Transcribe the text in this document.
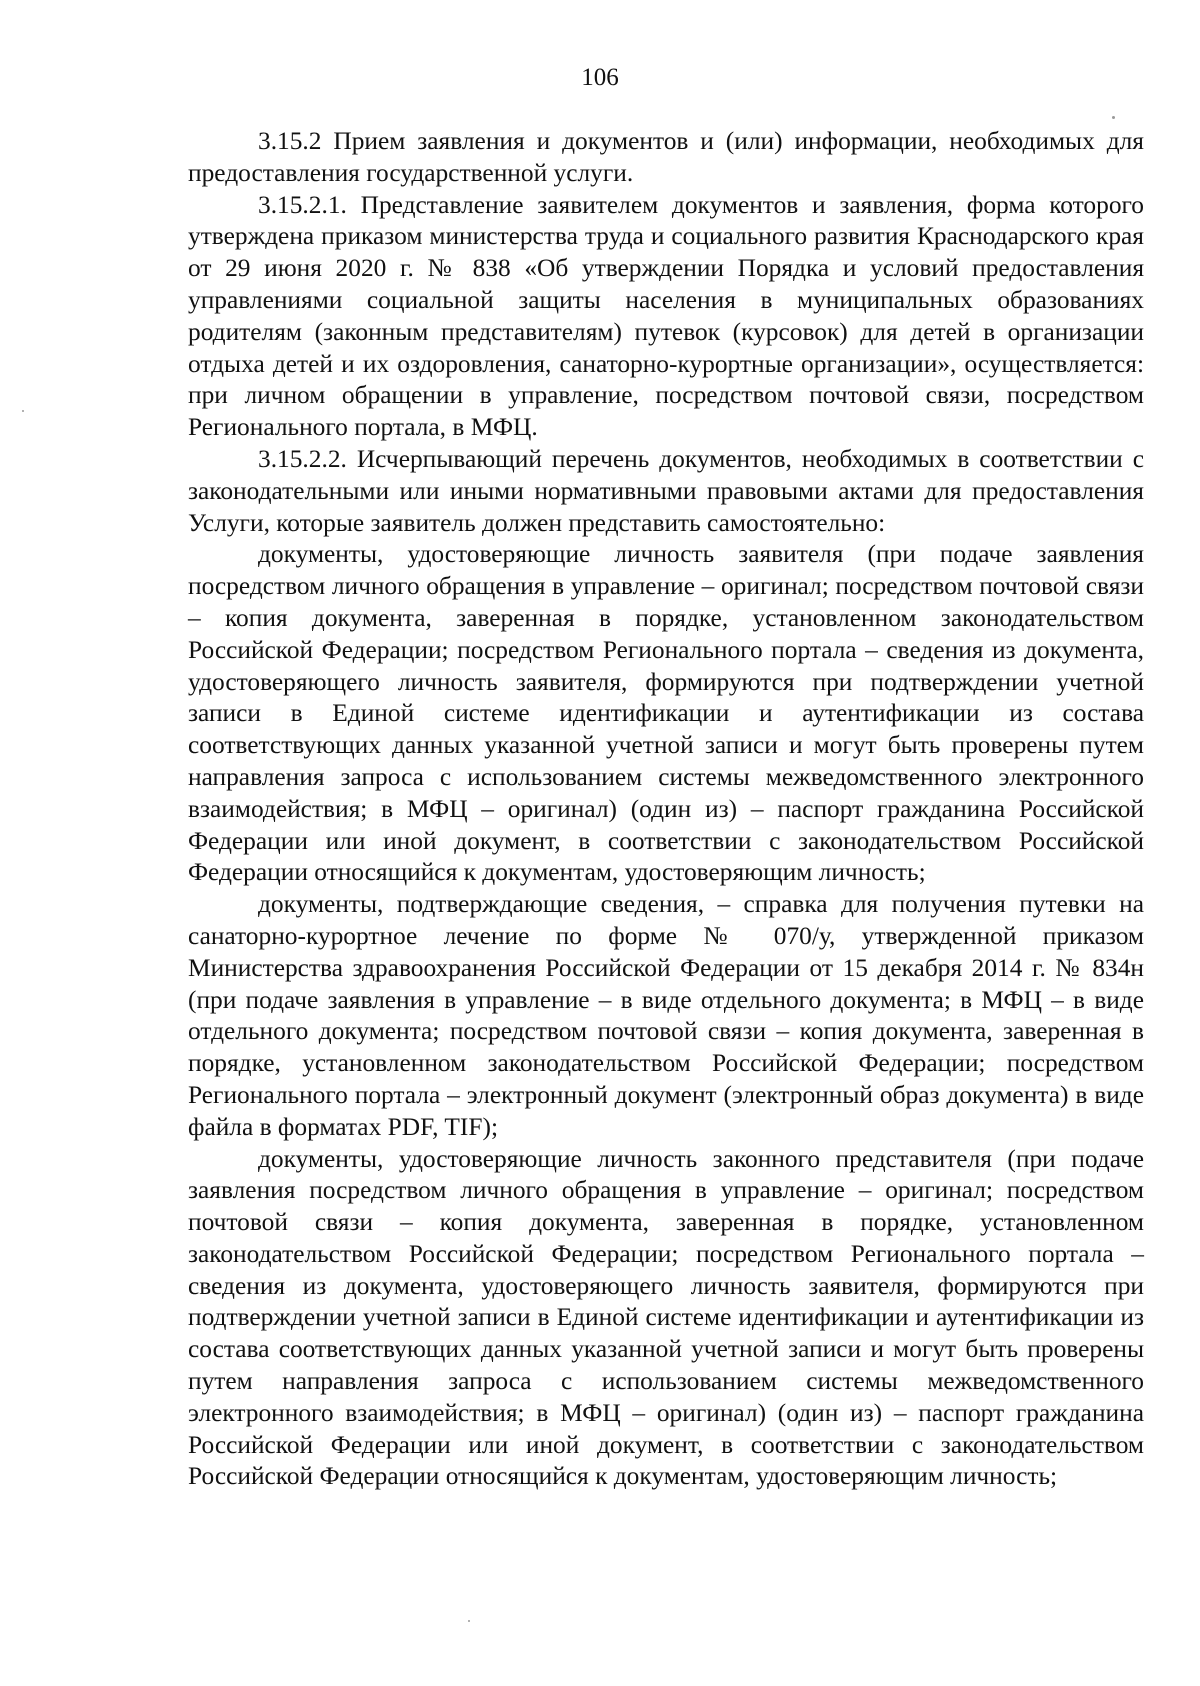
106

3.15.2 Прием заявления и документов и (или) информации, необходимых для предоставления государственной услуги.

3.15.2.1. Представление заявителем документов и заявления, форма которого утверждена приказом министерства труда и социального развития Краснодарского края от 29 июня 2020 г. № 838 «Об утверждении Порядка и условий предоставления управлениями социальной защиты населения в муниципальных образованиях родителям (законным представителям) путевок (курсовок) для детей в организации отдыха детей и их оздоровления, санаторно-курортные организации», осуществляется: при личном обращении в управление, посредством почтовой связи, посредством Регионального портала, в МФЦ.

3.15.2.2. Исчерпывающий перечень документов, необходимых в соответствии с законодательными или иными нормативными правовыми актами для предоставления Услуги, которые заявитель должен представить самостоятельно:

документы, удостоверяющие личность заявителя (при подаче заявления посредством личного обращения в управление – оригинал; посредством почтовой связи – копия документа, заверенная в порядке, установленном законодательством Российской Федерации; посредством Регионального портала – сведения из документа, удостоверяющего личность заявителя, формируются при подтверждении учетной записи в Единой системе идентификации и аутентификации из состава соответствующих данных указанной учетной записи и могут быть проверены путем направления запроса с использованием системы межведомственного электронного взаимодействия; в МФЦ – оригинал) (один из) – паспорт гражданина Российской Федерации или иной документ, в соответствии с законодательством Российской Федерации относящийся к документам, удостоверяющим личность;

документы, подтверждающие сведения, – справка для получения путевки на санаторно-курортное лечение по форме № 070/у, утвержденной приказом Министерства здравоохранения Российской Федерации от 15 декабря 2014 г. № 834н (при подаче заявления в управление – в виде отдельного документа; в МФЦ – в виде отдельного документа; посредством почтовой связи – копия документа, заверенная в порядке, установленном законодательством Российской Федерации; посредством Регионального портала – электронный документ (электронный образ документа) в виде файла в форматах PDF, TIF);

документы, удостоверяющие личность законного представителя (при подаче заявления посредством личного обращения в управление – оригинал; посредством почтовой связи – копия документа, заверенная в порядке, установленном законодательством Российской Федерации; посредством Регионального портала – сведения из документа, удостоверяющего личность заявителя, формируются при подтверждении учетной записи в Единой системе идентификации и аутентификации из состава соответствующих данных указанной учетной записи и могут быть проверены путем направления запроса с использованием системы межведомственного электронного взаимодействия; в МФЦ – оригинал) (один из) – паспорт гражданина Российской Федерации или иной документ, в соответствии с законодательством Российской Федерации относящийся к документам, удостоверяющим личность;
